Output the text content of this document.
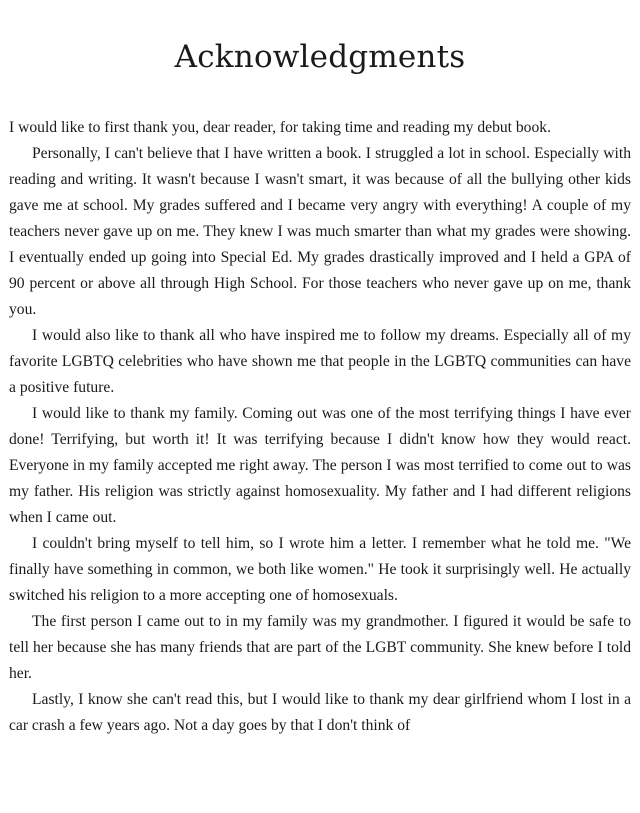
Acknowledgments

I would like to first thank you, dear reader, for taking time and reading my debut book.

Personally, I can't believe that I have written a book. I struggled a lot in school. Especially with reading and writing. It wasn't because I wasn't smart, it was because of all the bullying other kids gave me at school. My grades suffered and I became very angry with everything! A couple of my teachers never gave up on me. They knew I was much smarter than what my grades were showing. I eventually ended up going into Special Ed. My grades drastically improved and I held a GPA of 90 percent or above all through High School. For those teachers who never gave up on me, thank you.

I would also like to thank all who have inspired me to follow my dreams. Especially all of my favorite LGBTQ celebrities who have shown me that people in the LGBTQ communities can have a positive future.

I would like to thank my family. Coming out was one of the most terrifying things I have ever done! Terrifying, but worth it! It was terrifying because I didn't know how they would react. Everyone in my family accepted me right away. The person I was most terrified to come out to was my father. His religion was strictly against homosexuality. My father and I had different religions when I came out.

I couldn't bring myself to tell him, so I wrote him a letter. I remember what he told me. "We finally have something in common, we both like women." He took it surprisingly well. He actually switched his religion to a more accepting one of homosexuals.

The first person I came out to in my family was my grandmother. I figured it would be safe to tell her because she has many friends that are part of the LGBT community. She knew before I told her.

Lastly, I know she can't read this, but I would like to thank my dear girlfriend whom I lost in a car crash a few years ago. Not a day goes by that I don't think of
